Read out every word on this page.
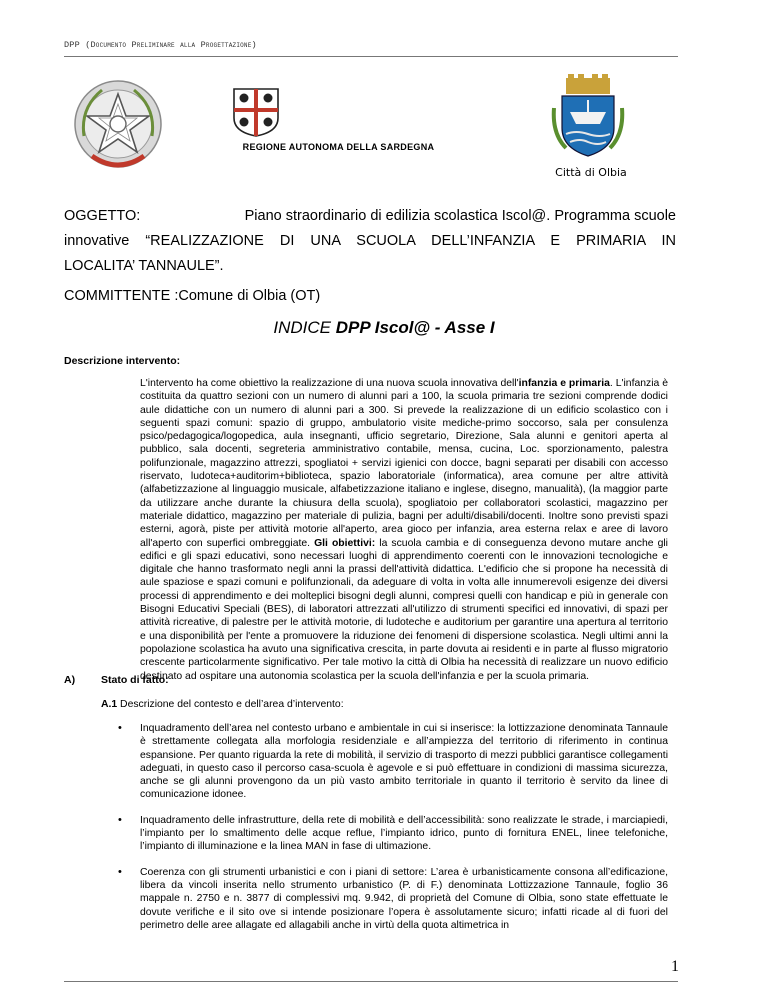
DPP (Documento Preliminare alla Progettazione)
REGIONE AUTONOMA DELLA SARDEGNA
Città di Olbia
OGGETTO:	Piano straordinario di edilizia scolastica Iscol@. Programma scuole
innovative “REALIZZAZIONE DI UNA SCUOLA DELL’INFANZIA E PRIMARIA IN
LOCALITA’ TANNAULE”.
COMMITTENTE :Comune di Olbia (OT)
INDICE DPP Iscol@ - Asse I
Descrizione intervento:
L'intervento ha come obiettivo la realizzazione di una nuova scuola innovativa dell'infanzia e primaria. L'infanzia è costituita da quattro sezioni con un numero di alunni pari a 100, la scuola primaria tre sezioni comprende dodici aule didattiche con un numero di alunni pari a 300. Si prevede la realizzazione di un edificio scolastico con i seguenti spazi comuni: spazio di gruppo, ambulatorio visite mediche-primo soccorso, sala per consulenza psico/pedagogica/logopedica, aula insegnanti, ufficio segretario, Direzione, Sala alunni e genitori aperta al pubblico, sala docenti, segreteria amministrativo contabile, mensa, cucina, Loc. sporzionamento, palestra polifunzionale, magazzino attrezzi, spogliatoi + servizi igienici con docce, bagni separati per disabili con accesso riservato, ludoteca+auditorim+biblioteca, spazio laboratoriale (informatica), area comune per altre attività (alfabetizzazione al linguaggio musicale, alfabetizzazione italiano e inglese, disegno, manualità), (la maggior parte da utilizzare anche durante la chiusura della scuola), spogliatoio per collaboratori scolastici, magazzino per materiale didattico, magazzino per materiale di pulizia, bagni per adulti/disabili/docenti. Inoltre sono previsti spazi esterni, agorà, piste per attività motorie all'aperto, area gioco per infanzia, area esterna relax e aree di lavoro all'aperto con superfici ombreggiate. Gli obiettivi: la scuola cambia e di conseguenza devono mutare anche gli edifici e gli spazi educativi, sono necessari luoghi di apprendimento coerenti con le innovazioni tecnologiche e digitale che hanno trasformato negli anni la prassi dell'attività didattica. L'edificio che si propone ha necessità di aule spaziose e spazi comuni e polifunzionali, da adeguare di volta in volta alle innumerevoli esigenze dei diversi processi di apprendimento e dei molteplici bisogni degli alunni, compresi quelli con handicap e più in generale con Bisogni Educativi Speciali (BES), di laboratori attrezzati all'utilizzo di strumenti specifici ed innovativi, di spazi per attività ricreative, di palestre per le attività motorie, di ludoteche e auditorium per garantire una apertura al territorio e una disponibilità per l'ente a promuovere la riduzione dei fenomeni di dispersione scolastica. Negli ultimi anni la popolazione scolastica ha avuto una significativa crescita, in parte dovuta ai residenti e in parte al flusso migratorio crescente particolarmente significativo. Per tale motivo la città di Olbia ha necessità di realizzare un nuovo edificio destinato ad ospitare una autonomia scolastica per la scuola dell'infanzia e per la scuola primaria.
A) Stato di fatto:
A.1 Descrizione del contesto e dell’area d’intervento:
• Inquadramento dell’area nel contesto urbano e ambientale in cui si inserisce: la lottizzazione denominata Tannaule è strettamente collegata alla morfologia residenziale e all’ampiezza del territorio di riferimento in continua espansione. Per quanto riguarda la rete di mobilità, il servizio di trasporto di mezzi pubblici garantisce collegamenti adeguati, in questo caso il percorso casa-scuola è agevole e si può effettuare in condizioni di massima sicurezza, anche se gli alunni provengono da un più vasto ambito territoriale in quanto il territorio è servito da linee di comunicazione idonee.
• Inquadramento delle infrastrutture, della rete di mobilità e dell’accessibilità: sono realizzate le strade, i marciapiedi, l’impianto per lo smaltimento delle acque reflue, l’impianto idrico, punto di fornitura ENEL, linee telefoniche, l’impianto di illuminazione e la linea MAN in fase di ultimazione.
• Coerenza con gli strumenti urbanistici e con i piani di settore: L’area è urbanisticamente consona all’edificazione, libera da vincoli inserita nello strumento urbanistico (P. di F.) denominata Lottizzazione Tannaule, foglio 36 mappale n. 2750 e n. 3877 di complessivi mq. 9.942, di proprietà del Comune di Olbia, sono state effettuate le dovute verifiche e il sito ove si intende posizionare l’opera è assolutamente sicuro; infatti ricade al di fuori del perimetro delle aree allagate ed allagabili anche in virtù della quota altimetrica in
1
